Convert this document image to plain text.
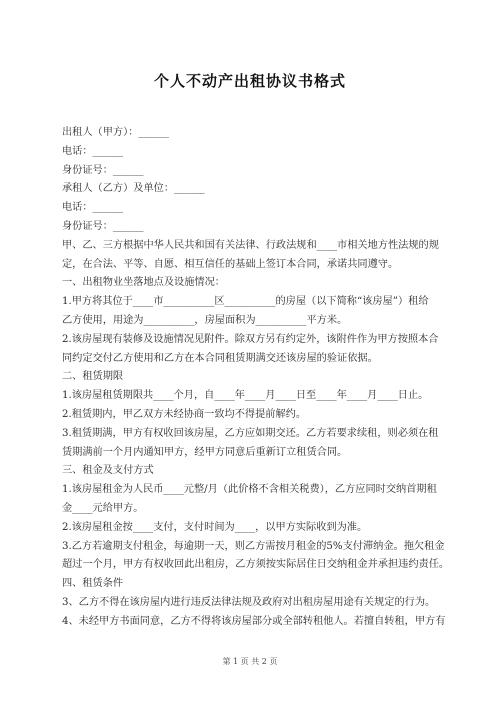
个人不动产出租协议书格式
出租人（甲方）：______
电话：______
身份证号：______
承租人（乙方）及单位：______
电话：______
身份证号：______
甲、乙、三方根据中华人民共和国有关法律、行政法规和____市相关地方性法规的规
定，在合法、平等、自愿、相互信任的基础上签订本合同，承诺共同遵守。
一、出租物业坐落地点及设施情况：
1.甲方将其位于____市__________区__________的房屋（以下简称“该房屋”）租给
乙方使用，用途为__________，房屋面积为__________平方米。
2.该房屋现有装修及设施情况见附件。除双方另有约定外，该附件作为甲方按照本合
同约定交付乙方使用和乙方在本合同租赁期满交还该房屋的验证依据。
二、租赁期限
1.该房屋租赁期限共____个月，自____年____月____日至____年____月____日止。
2.租赁期内，甲乙双方未经协商一致均不得提前解约。
3.租赁期满，甲方有权收回该房屋，乙方应如期交还。乙方若要求续租，则必须在租
赁期满前一个月内通知甲方，经甲方同意后重新订立租赁合同。
三、租金及支付方式
1.该房屋租金为人民币____元整/月（此价格不含相关税费），乙方应同时交纳首期租
金____元给甲方。
2.该房屋租金按____支付，支付时间为____，以甲方实际收到为准。
3.乙方若逾期支付租金，每逾期一天，则乙方需按月租金的5%支付滞纳金。拖欠租金
超过一个月，甲方有权收回此出租房，乙方须按实际居住日交纳租金并承担违约责任。
四、租赁条件
3、乙方不得在该房屋内进行违反法律法规及政府对出租房屋用途有关规定的行为。
4、未经甲方书面同意，乙方不得将该房屋部分或全部转租他人。若擅自转租，甲方有
第 1 页 共 2 页
